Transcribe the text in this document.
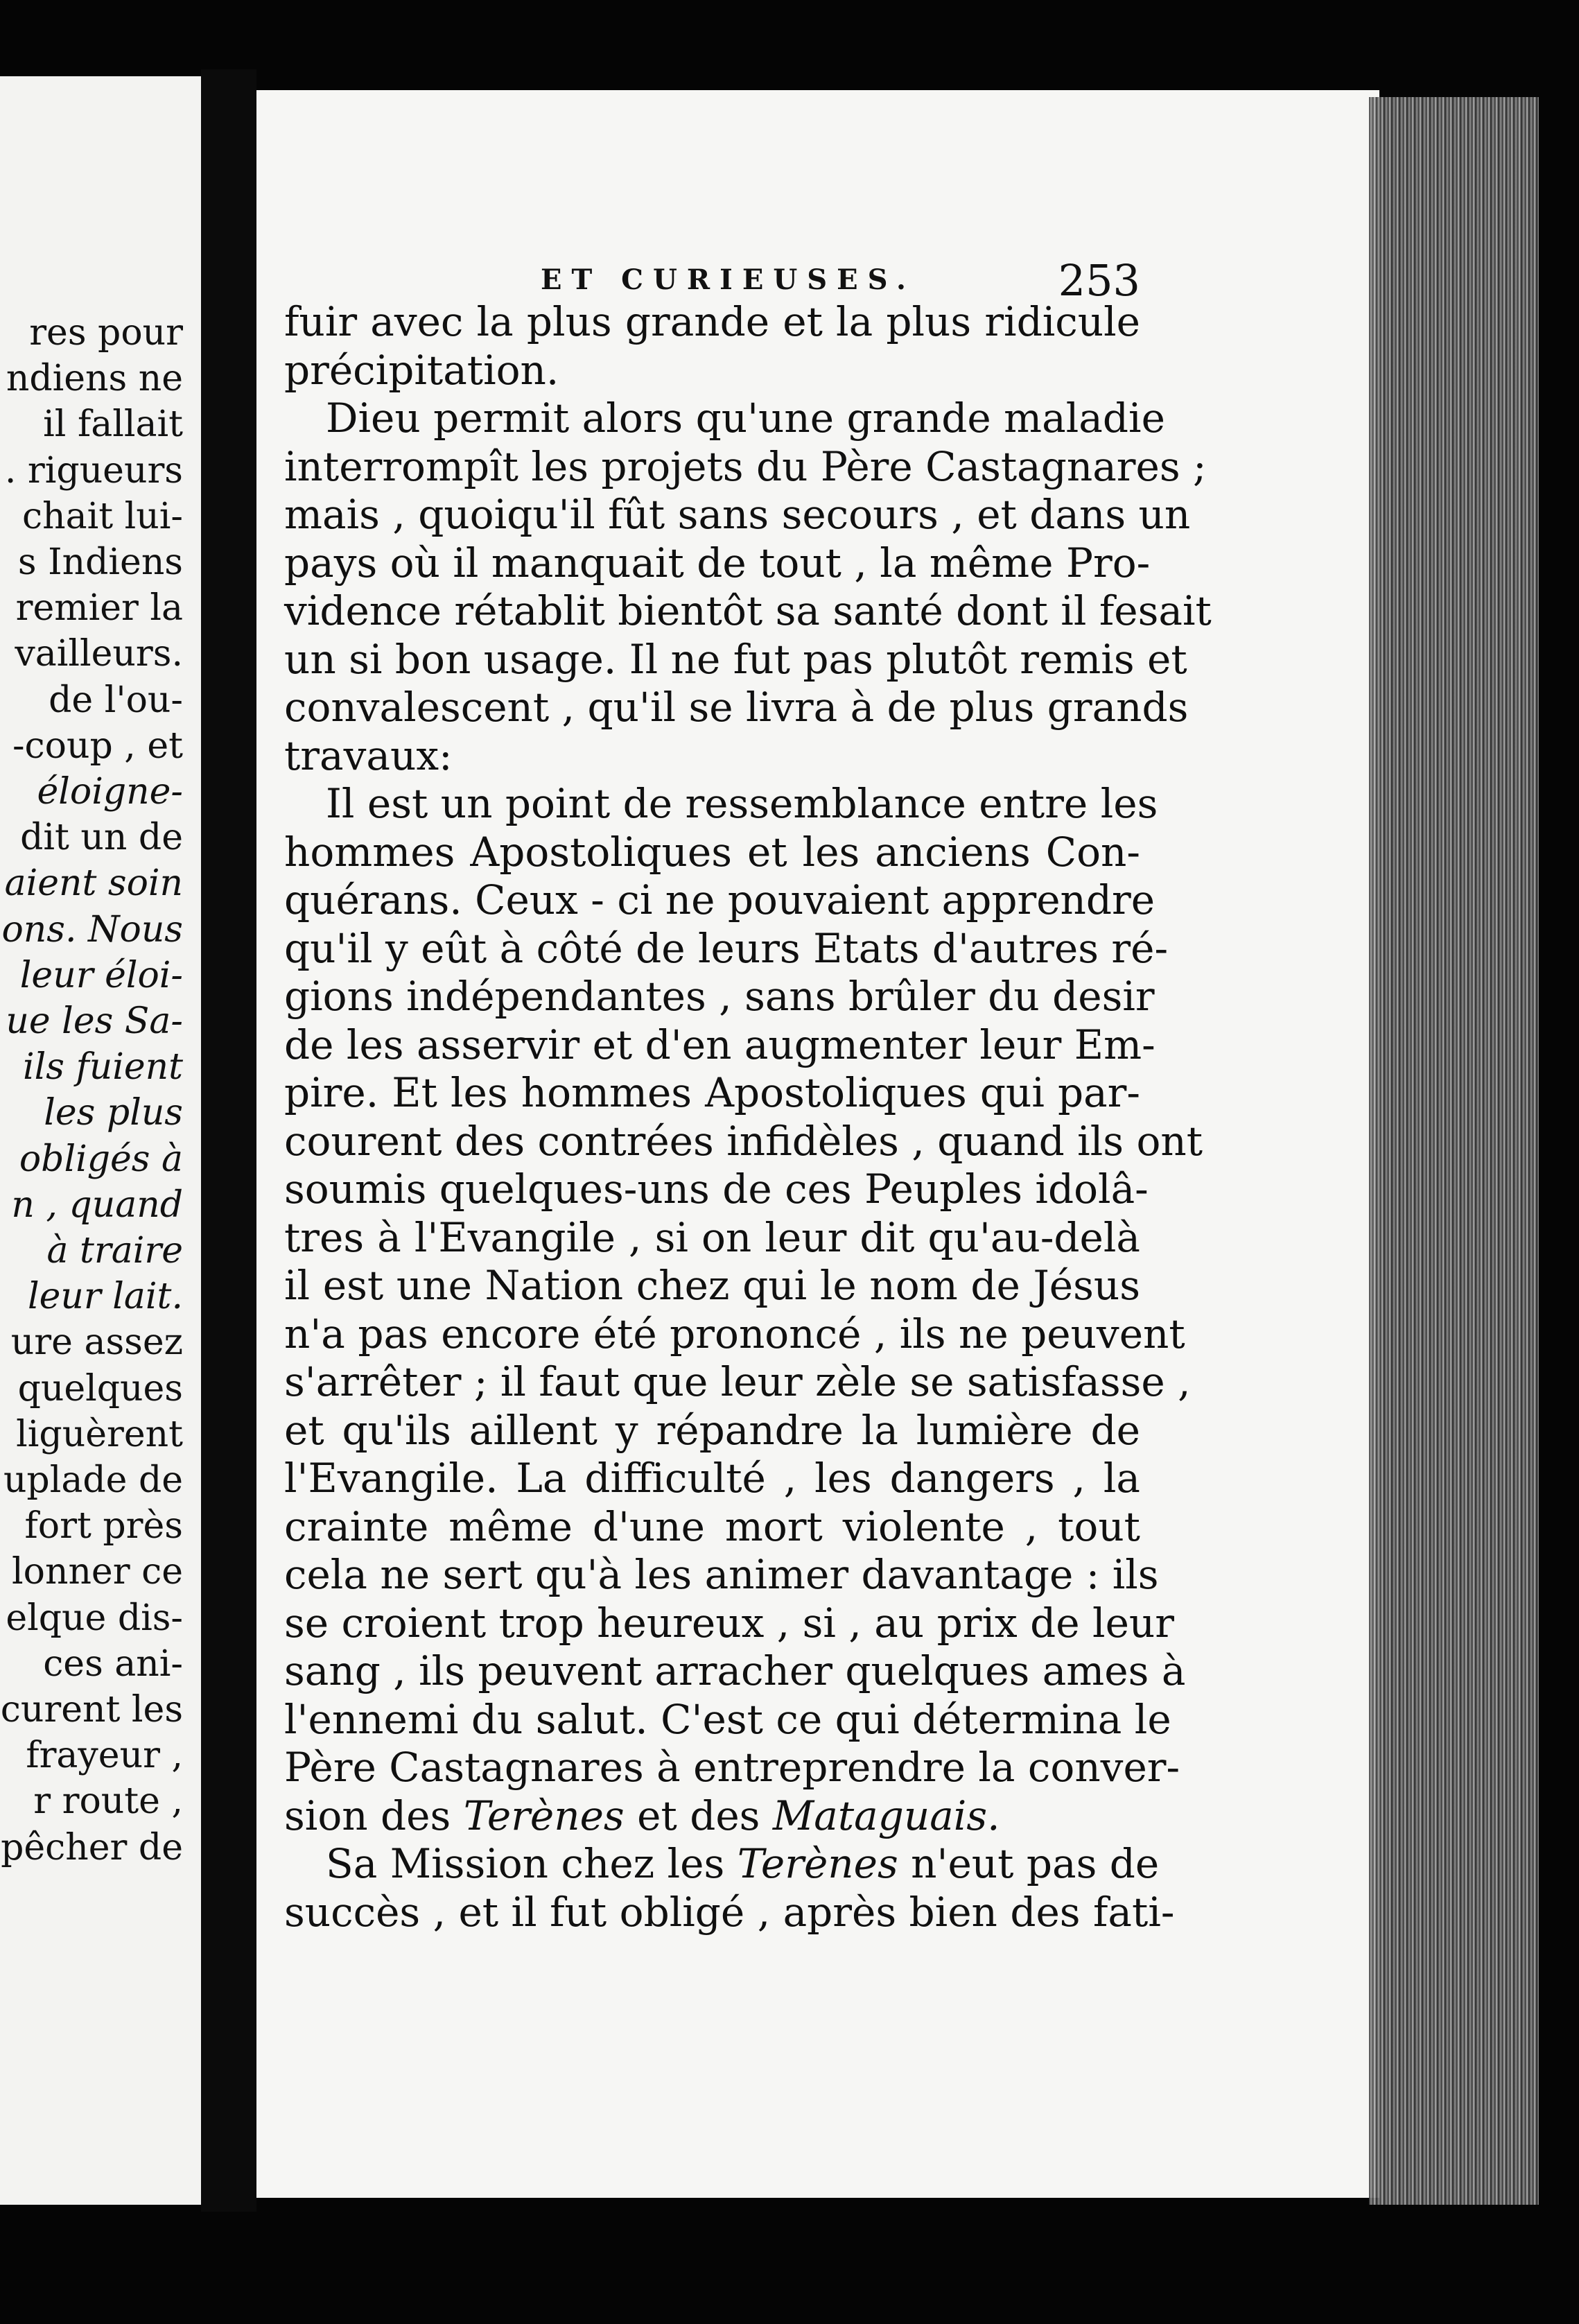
res pour
ndiens ne
il fallait
. rigueurs
chait lui-
s Indiens
remier la
vailleurs.
de l'ou-
-coup , et
éloigne-
dit un de
aient soin
ons. Nous
leur éloi-
ue les Sa-
ils fuient
les plus
obligés à
n , quand
à traire
leur lait.
ure assez
quelques
liguèrent
uplade de
fort près
lonner ce
elque dis-
ces ani-
curent les
frayeur ,
r route ,
pêcher de
ET CURIEUSES.	253
fuir avec la plus grande et la plus ridicule
précipitation.
Dieu permit alors qu'une grande maladie
interrompît les projets du Père Castagnares ;
mais , quoiqu'il fût sans secours , et dans un
pays où il manquait de tout , la même Pro-
vidence rétablit bientôt sa santé dont il fesait
un si bon usage. Il ne fut pas plutôt remis et
convalescent , qu'il se livra à de plus grands
travaux:
Il est un point de ressemblance entre les
hommes Apostoliques et les anciens Con-
quérans. Ceux - ci ne pouvaient apprendre
qu'il y eût à côté de leurs Etats d'autres ré-
gions indépendantes , sans brûler du desir
de les asservir et d'en augmenter leur Em-
pire. Et les hommes Apostoliques qui par-
courent des contrées infidèles , quand ils ont
soumis quelques-uns de ces Peuples idolâ-
tres à l'Evangile , si on leur dit qu'au-delà
il est une Nation chez qui le nom de Jésus
n'a pas encore été prononcé , ils ne peuvent
s'arrêter ; il faut que leur zèle se satisfasse ,
et qu'ils aillent y répandre la lumière de
l'Evangile. La difficulté , les dangers , la
crainte même d'une mort violente , tout
cela ne sert qu'à les animer davantage : ils
se croient trop heureux , si , au prix de leur
sang , ils peuvent arracher quelques ames à
l'ennemi du salut. C'est ce qui détermina le
Père Castagnares à entreprendre la conver-
sion des Terènes et des Mataguais.
Sa Mission chez les Terènes n'eut pas de
succès , et il fut obligé , après bien des fati-
